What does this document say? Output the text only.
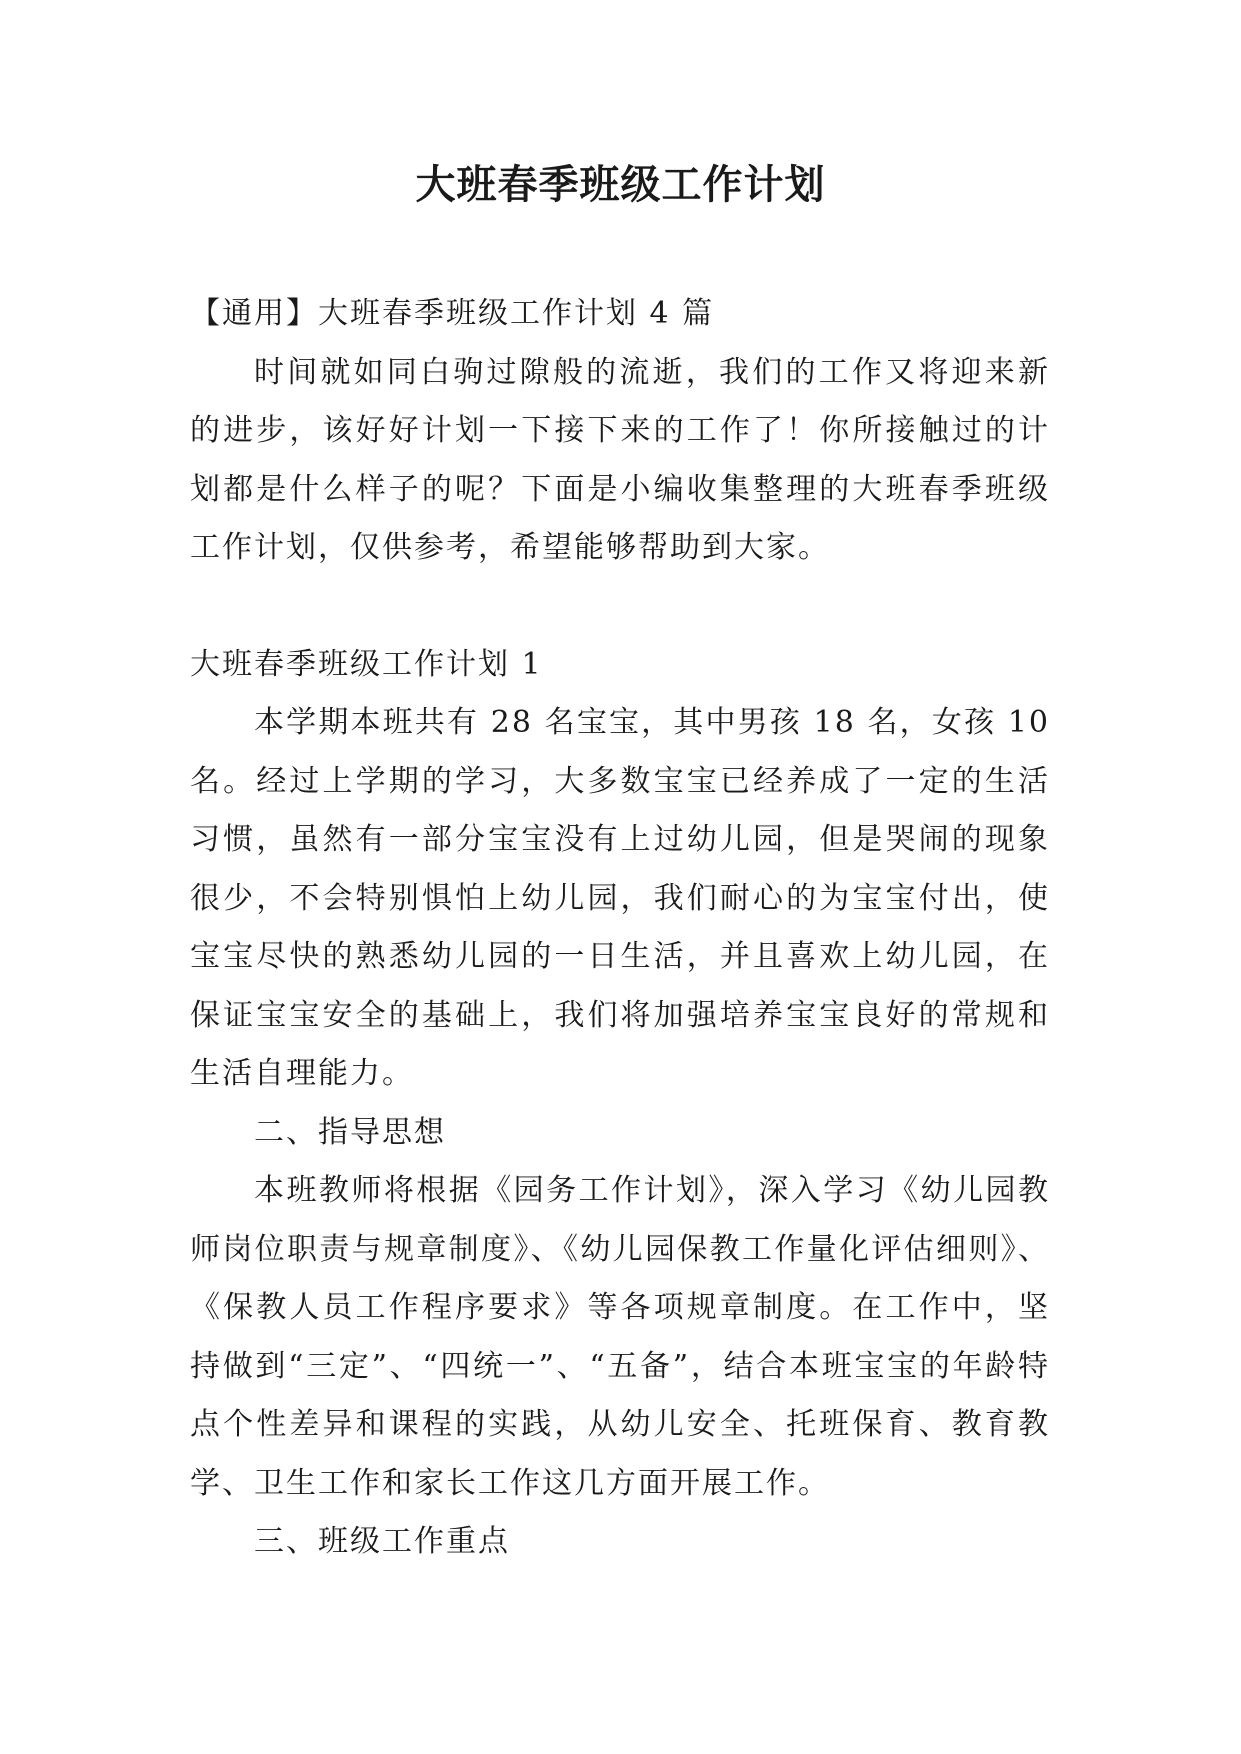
大班春季班级工作计划

【通用】大班春季班级工作计划 4 篇

时间就如同白驹过隙般的流逝，我们的工作又将迎来新的进步，该好好计划一下接下来的工作了！你所接触过的计划都是什么样子的呢？下面是小编收集整理的大班春季班级工作计划，仅供参考，希望能够帮助到大家。

大班春季班级工作计划 1

本学期本班共有 28 名宝宝，其中男孩 18 名，女孩 10 名。经过上学期的学习，大多数宝宝已经养成了一定的生活习惯，虽然有一部分宝宝没有上过幼儿园，但是哭闹的现象很少，不会特别惧怕上幼儿园，我们耐心的为宝宝付出，使宝宝尽快的熟悉幼儿园的一日生活，并且喜欢上幼儿园，在保证宝宝安全的基础上，我们将加强培养宝宝良好的常规和生活自理能力。

二、指导思想

本班教师将根据《园务工作计划》，深入学习《幼儿园教师岗位职责与规章制度》、《幼儿园保教工作量化评估细则》、《保教人员工作程序要求》等各项规章制度。在工作中，坚持做到“三定”、“四统一”、“五备”，结合本班宝宝的年龄特点个性差异和课程的实践，从幼儿安全、托班保育、教育教学、卫生工作和家长工作这几方面开展工作。

三、班级工作重点
